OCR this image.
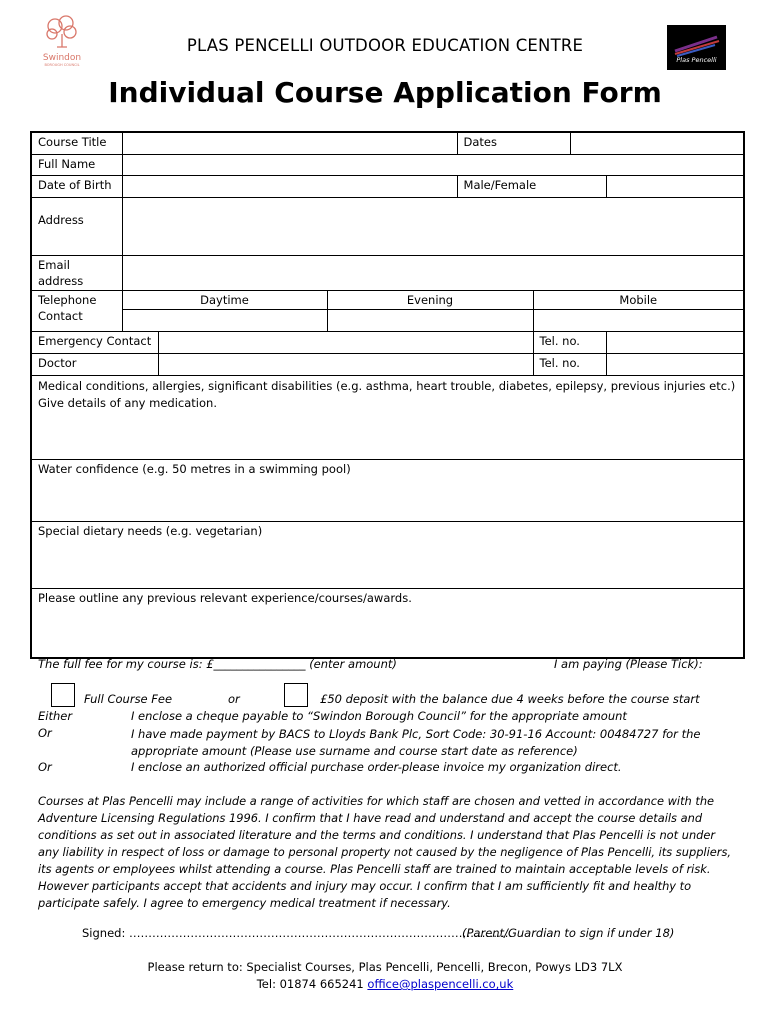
Swindon
BOROUGH COUNCIL
PLAS PENCELLI OUTDOOR EDUCATION CENTRE
Plas Pencelli
Individual Course Application Form
Course Title				Dates			
Full Name							
Date of Birth				Male/Female			
Address							
Email address							

Telephone
Contact	Daytime		Evening		Mobile		

Emergency Contact					Tel. no.		
Doctor					Tel. no.		
Medical conditions, allergies, significant disabilities (e.g. asthma, heart trouble, diabetes, epilepsy, previous injuries etc.) Give details of any medication.							
Water confidence (e.g. 50 metres in a swimming pool)							
Special dietary needs (e.g. vegetarian)							
Please outline any previous relevant experience/courses/awards.							
The full fee for my course is: £________________ (enter amount)	I am paying (Please Tick):
Full Course Fee	or	£50 deposit with the balance due 4 weeks before the course start
Either	I enclose a cheque payable to “Swindon Borough Council” for the appropriate amount
Or	I have made payment by BACS to Lloyds Bank Plc, Sort Code: 30-91-16 Account: 00484727 for the appropriate amount (Please use surname and course start date as reference)
Or	I enclose an authorized official purchase order-please invoice my organization direct.
Courses at Plas Pencelli may include a range of activities for which staff are chosen and vetted in accordance with the Adventure Licensing Regulations 1996. I confirm that I have read and understand and accept the course details and conditions as set out in associated literature and the terms and conditions. I understand that Plas Pencelli is not under any liability in respect of loss or damage to personal property not caused by the negligence of Plas Pencelli, its suppliers, its agents or employees whilst attending a course. Plas Pencelli staff are trained to maintain acceptable levels of risk. However participants accept that accidents and injury may occur. I confirm that I am sufficiently fit and healthy to participate safely. I agree to emergency medical treatment if necessary.
Signed: ……………………………………………………………………………………….
(Parent/Guardian to sign if under 18)
Please return to: Specialist Courses, Plas Pencelli, Pencelli, Brecon, Powys LD3 7LX
Tel: 01874 665241 office@plaspencelli.co,uk
